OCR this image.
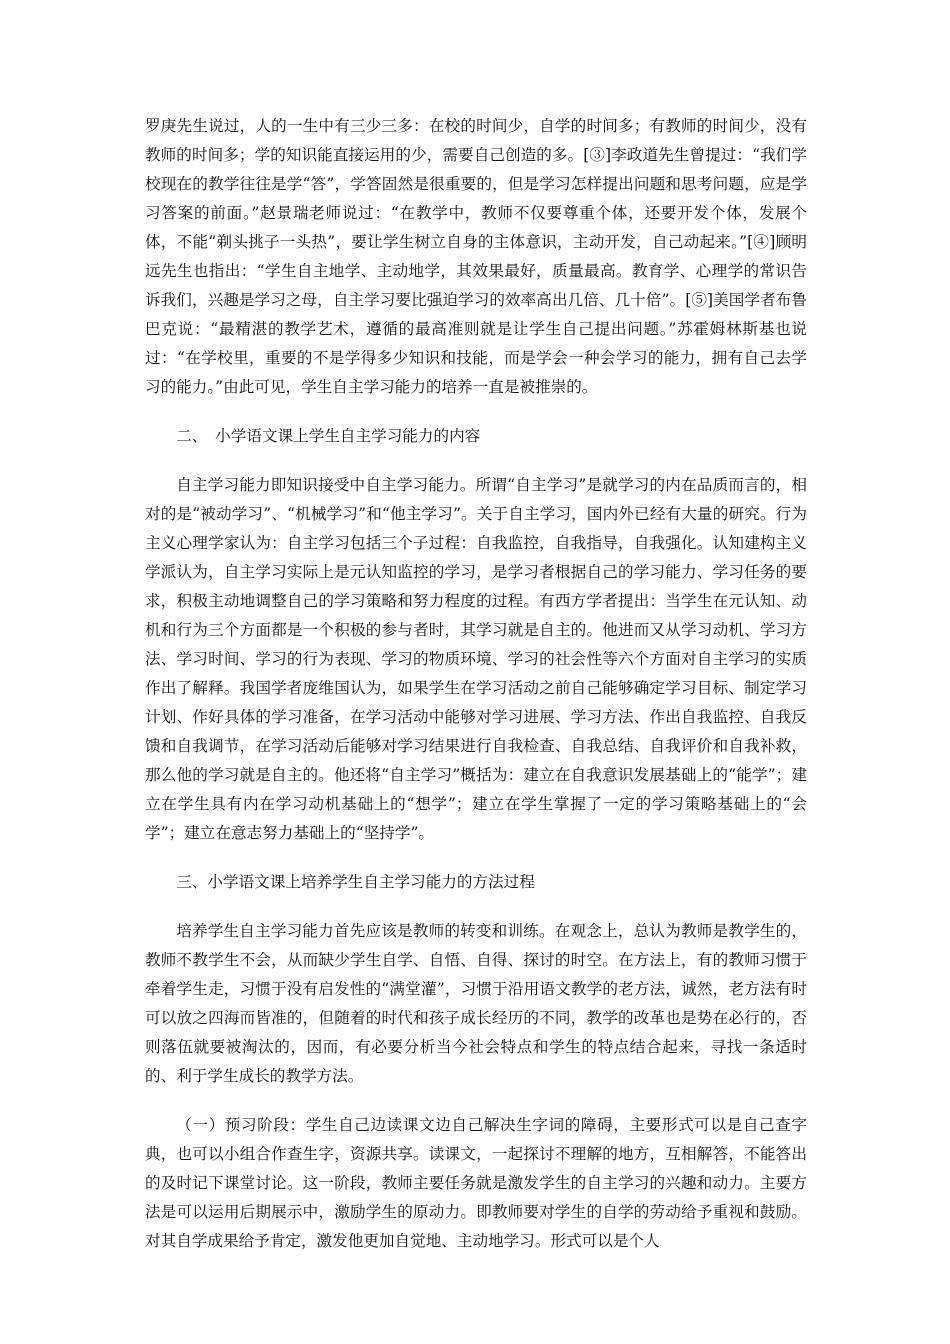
罗庚先生说过，人的一生中有三少三多：在校的时间少，自学的时间多；有教师的时间少，没有教师的时间多；学的知识能直接运用的少，需要自己创造的多。[③]李政道先生曾提过：“我们学校现在的教学往往是学“答”，学答固然是很重要的，但是学习怎样提出问题和思考问题，应是学习答案的前面。”赵景瑞老师说过：“在教学中，教师不仅要尊重个体，还要开发个体，发展个体，不能“剃头挑子一头热”，要让学生树立自身的主体意识，主动开发，自己动起来。”[④]顾明远先生也指出：“学生自主地学、主动地学，其效果最好，质量最高。教育学、心理学的常识告诉我们，兴趣是学习之母，自主学习要比强迫学习的效率高出几倍、几十倍”。[⑤]美国学者布鲁巴克说：“最精湛的教学艺术，遵循的最高准则就是让学生自己提出问题。”苏霍姆林斯基也说过：“在学校里，重要的不是学得多少知识和技能，而是学会一种会学习的能力，拥有自己去学习的能力。”由此可见，学生自主学习能力的培养一直是被推崇的。

二、　小学语文课上学生自主学习能力的内容

自主学习能力即知识接受中自主学习能力。所谓“自主学习”是就学习的内在品质而言的，相对的是“被动学习”、“机械学习”和“他主学习”。关于自主学习，国内外已经有大量的研究。行为主义心理学家认为：自主学习包括三个子过程：自我监控，自我指导，自我强化。认知建构主义学派认为，自主学习实际上是元认知监控的学习，是学习者根据自己的学习能力、学习任务的要求，积极主动地调整自己的学习策略和努力程度的过程。有西方学者提出：当学生在元认知、动机和行为三个方面都是一个积极的参与者时，其学习就是自主的。他进而又从学习动机、学习方法、学习时间、学习的行为表现、学习的物质环境、学习的社会性等六个方面对自主学习的实质作出了解释。我国学者庞维国认为，如果学生在学习活动之前自己能够确定学习目标、制定学习计划、作好具体的学习准备，在学习活动中能够对学习进展、学习方法、作出自我监控、自我反馈和自我调节，在学习活动后能够对学习结果进行自我检查、自我总结、自我评价和自我补救，那么他的学习就是自主的。他还将“自主学习”概括为：建立在自我意识发展基础上的“能学”；建立在学生具有内在学习动机基础上的“想学”；建立在学生掌握了一定的学习策略基础上的“会学”；建立在意志努力基础上的“坚持学”。

三、小学语文课上培养学生自主学习能力的方法过程

培养学生自主学习能力首先应该是教师的转变和训练。在观念上，总认为教师是教学生的，教师不教学生不会，从而缺少学生自学、自悟、自得、探讨的时空。在方法上，有的教师习惯于牵着学生走，习惯于没有启发性的“满堂灌”，习惯于沿用语文教学的老方法，诚然，老方法有时可以放之四海而皆准的，但随着的时代和孩子成长经历的不同，教学的改革也是势在必行的，否则落伍就要被淘汰的，因而，有必要分析当今社会特点和学生的特点结合起来，寻找一条适时的、利于学生成长的教学方法。

（一）预习阶段：学生自己边读课文边自己解决生字词的障碍，主要形式可以是自己查字典，也可以小组合作查生字，资源共享。读课文，一起探讨不理解的地方，互相解答，不能答出的及时记下课堂讨论。这一阶段，教师主要任务就是激发学生的自主学习的兴趣和动力。主要方法是可以运用后期展示中，激励学生的原动力。即教师要对学生的自学的劳动给予重视和鼓励。对其自学成果给予肯定，激发他更加自觉地、主动地学习。形式可以是个人
